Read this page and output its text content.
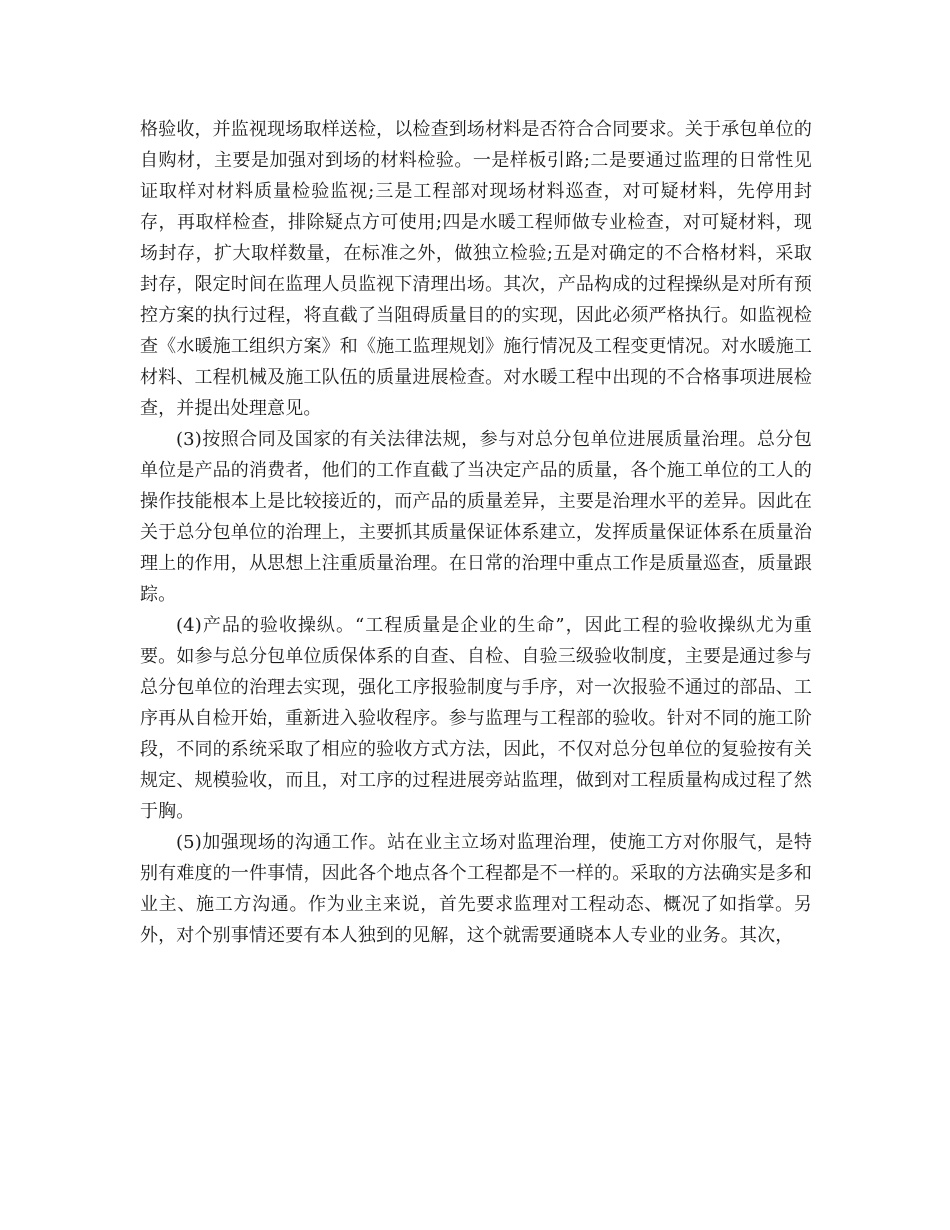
格验收，并监视现场取样送检，以检查到场材料是否符合合同要求。关于承包单位的自购材，主要是加强对到场的材料检验。一是样板引路;二是要通过监理的日常性见证取样对材料质量检验监视;三是工程部对现场材料巡查，对可疑材料，先停用封存，再取样检查，排除疑点方可使用;四是水暖工程师做专业检查，对可疑材料，现场封存，扩大取样数量，在标准之外，做独立检验;五是对确定的不合格材料，采取封存，限定时间在监理人员监视下清理出场。其次，产品构成的过程操纵是对所有预控方案的执行过程，将直截了当阻碍质量目的的实现，因此必须严格执行。如监视检查《水暖施工组织方案》和《施工监理规划》施行情况及工程变更情况。对水暖施工材料、工程机械及施工队伍的质量进展检查。对水暖工程中出现的不合格事项进展检查，并提出处理意见。

(3)按照合同及国家的有关法律法规，参与对总分包单位进展质量治理。总分包单位是产品的消费者，他们的工作直截了当决定产品的质量，各个施工单位的工人的操作技能根本上是比较接近的，而产品的质量差异，主要是治理水平的差异。因此在关于总分包单位的治理上，主要抓其质量保证体系建立，发挥质量保证体系在质量治理上的作用，从思想上注重质量治理。在日常的治理中重点工作是质量巡查，质量跟踪。

(4)产品的验收操纵。“工程质量是企业的生命”，因此工程的验收操纵尤为重要。如参与总分包单位质保体系的自查、自检、自验三级验收制度，主要是通过参与总分包单位的治理去实现，强化工序报验制度与手序，对一次报验不通过的部品、工序再从自检开始，重新进入验收程序。参与监理与工程部的验收。针对不同的施工阶段，不同的系统采取了相应的验收方式方法，因此，不仅对总分包单位的复验按有关规定、规模验收，而且，对工序的过程进展旁站监理，做到对工程质量构成过程了然于胸。

(5)加强现场的沟通工作。站在业主立场对监理治理，使施工方对你服气，是特别有难度的一件事情，因此各个地点各个工程都是不一样的。采取的方法确实是多和业主、施工方沟通。作为业主来说，首先要求监理对工程动态、概况了如指掌。另外，对个别事情还要有本人独到的见解，这个就需要通晓本人专业的业务。其次，
